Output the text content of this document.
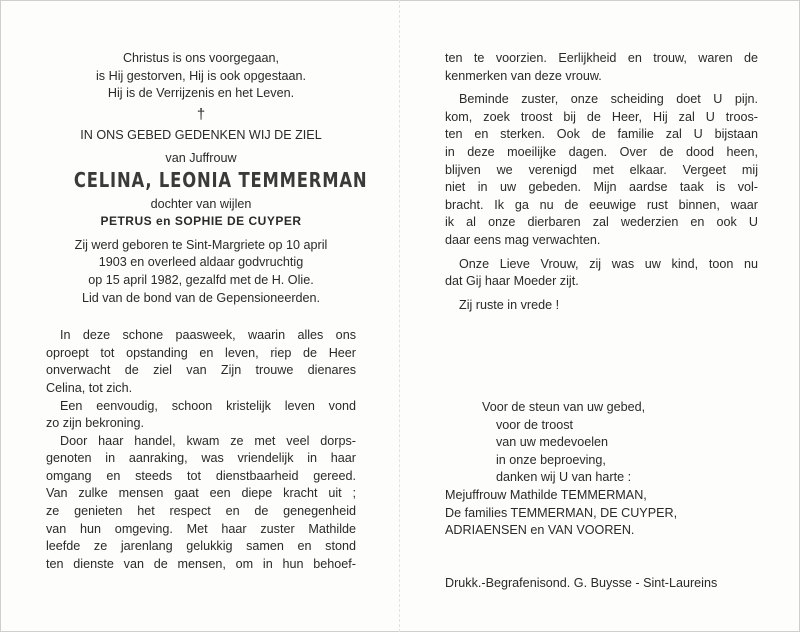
Christus is ons voorgegaan,
is Hij gestorven, Hij is ook opgestaan.
Hij is de Verrijzenis en het Leven.
†
IN ONS GEBED GEDENKEN WIJ DE ZIEL
van Juffrouw
CELINA, LEONIA TEMMERMAN
dochter van wijlen
PETRUS en SOPHIE DE CUYPER
Zij werd geboren te Sint-Margriete op 10 april
1903 en overleed aldaar godvruchtig
op 15 april 1982, gezalfd met de H. Olie.
Lid van de bond van de Gepensioneerden.
In deze schone paasweek, waarin alles ons
oproept tot opstanding en leven, riep de Heer
onverwacht de ziel van Zijn trouwe dienares
Celina, tot zich.
Een eenvoudig, schoon kristelijk leven vond
zo zijn bekroning.
Door haar handel, kwam ze met veel dorps-
genoten in aanraking, was vriendelijk in haar
omgang en steeds tot dienstbaarheid gereed.
Van zulke mensen gaat een diepe kracht uit ;
ze genieten het respect en de genegenheid
van hun omgeving. Met haar zuster Mathilde
leefde ze jarenlang gelukkig samen en stond
ten dienste van de mensen, om in hun behoef-
ten te voorzien. Eerlijkheid en trouw, waren de
kenmerken van deze vrouw.
Beminde zuster, onze scheiding doet U pijn.
kom, zoek troost bij de Heer, Hij zal U troos-
ten en sterken. Ook de familie zal U bijstaan
in deze moeilijke dagen. Over de dood heen,
blijven we verenigd met elkaar. Vergeet mij
niet in uw gebeden. Mijn aardse taak is vol-
bracht. Ik ga nu de eeuwige rust binnen, waar
ik al onze dierbaren zal wederzien en ook U
daar eens mag verwachten.
Onze Lieve Vrouw, zij was uw kind, toon nu
dat Gij haar Moeder zijt.
Zij ruste in vrede !
Voor de steun van uw gebed,
voor de troost
van uw medevoelen
in onze beproeving,
danken wij U van harte :
Mejuffrouw Mathilde TEMMERMAN,
De families TEMMERMAN, DE CUYPER,
ADRIAENSEN en VAN VOOREN.
Drukk.-Begrafenisond. G. Buysse - Sint-Laureins
